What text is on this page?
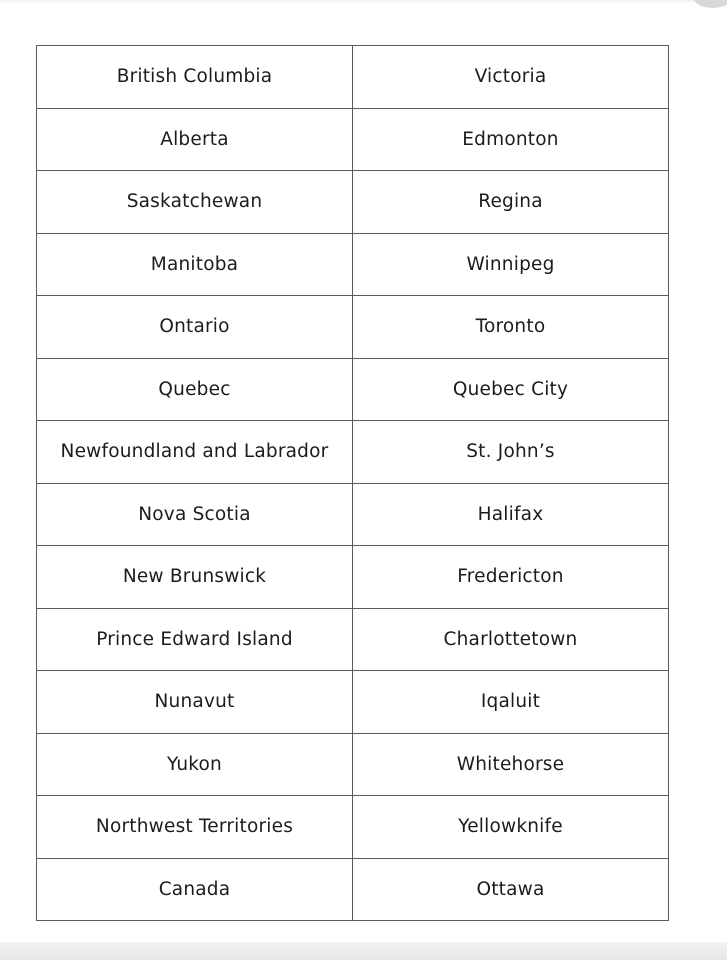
British Columbia	Victoria
Alberta	Edmonton
Saskatchewan	Regina
Manitoba	Winnipeg
Ontario	Toronto
Quebec	Quebec City
Newfoundland and Labrador	St. John’s
Nova Scotia	Halifax
New Brunswick	Fredericton
Prince Edward Island	Charlottetown
Nunavut	Iqaluit
Yukon	Whitehorse
Northwest Territories	Yellowknife
Canada	Ottawa
